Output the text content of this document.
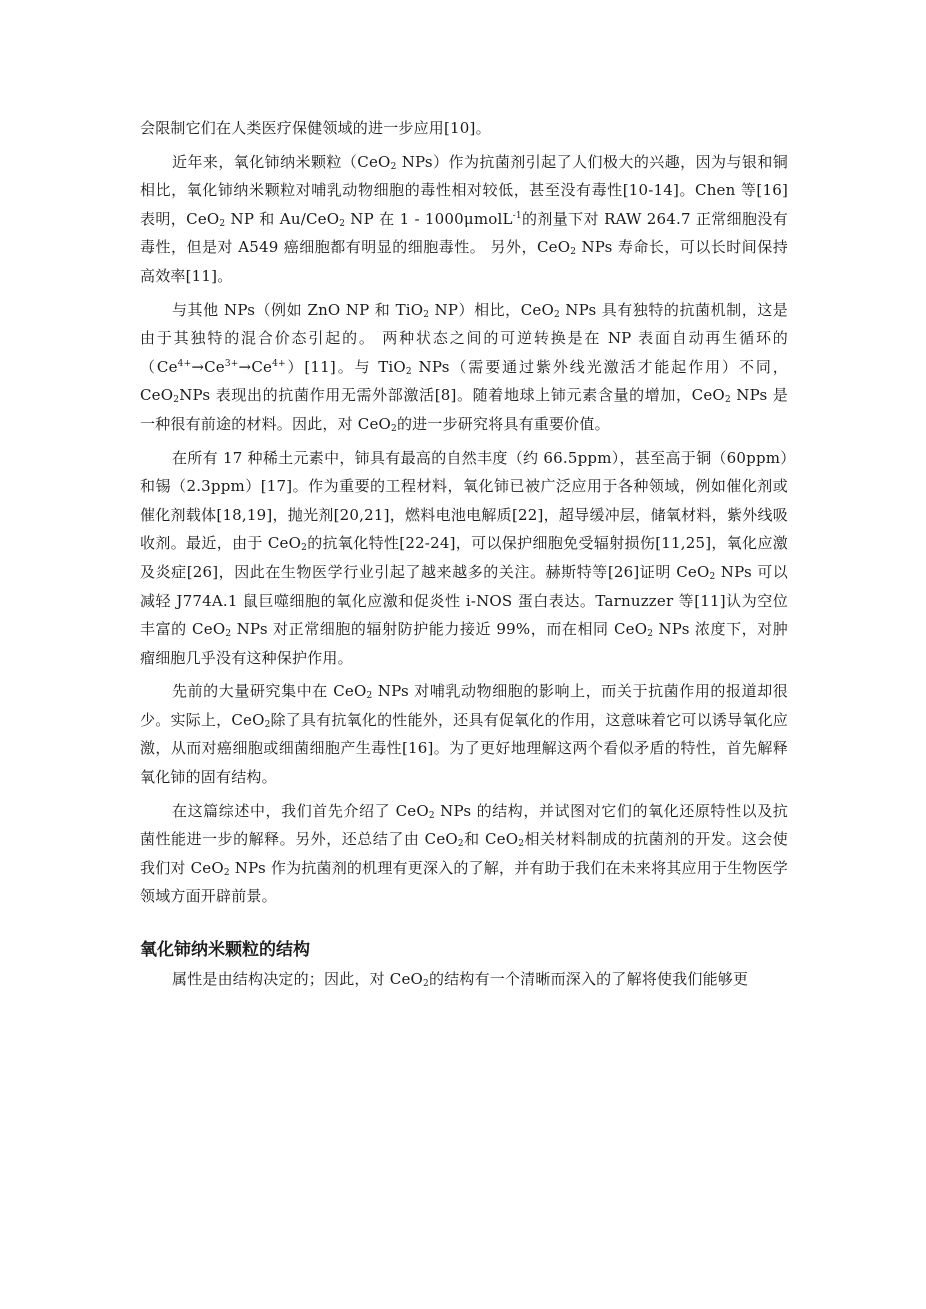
会限制它们在人类医疗保健领域的进一步应用[10]。

近年来，氧化铈纳米颗粒（CeO$_2$ NPs）作为抗菌剂引起了人们极大的兴趣，因为与银和铜相比，氧化铈纳米颗粒对哺乳动物细胞的毒性相对较低，甚至没有毒性[10-14]。Chen 等[16]表明，CeO$_2$ NP 和 Au/CeO$_2$ NP 在 1 - 1000μmolL$^{-1}$的剂量下对 RAW 264.7 正常细胞没有毒性，但是对 A549 癌细胞都有明显的细胞毒性。 另外，CeO$_2$ NPs 寿命长，可以长时间保持高效率[11]。

与其他 NPs（例如 ZnO NP 和 TiO$_2$ NP）相比，CeO$_2$ NPs 具有独特的抗菌机制，这是由于其独特的混合价态引起的。 两种状态之间的可逆转换是在 NP 表面自动再生循环的$(Ce^{4+}\to Ce^{3+}\to Ce^{4+})[11]$。与 TiO$_2$ NPs（需要通过紫外线光激活才能起作用）不同，CeO$_2$NPs 表现出的抗菌作用无需外部激活[8]。随着地球上铈元素含量的增加，CeO$_2$ NPs 是一种很有前途的材料。因此，对 CeO$_2$的进一步研究将具有重要价值。

在所有 17 种稀土元素中，铈具有最高的自然丰度（约 66.5ppm），甚至高于铜（60ppm）和锡（2.3ppm）[17]。作为重要的工程材料，氧化铈已被广泛应用于各种领域，例如催化剂或催化剂载体[18,19]，抛光剂[20,21]，燃料电池电解质[22]，超导缓冲层，储氧材料，紫外线吸收剂。最近，由于 CeO$_2$的抗氧化特性[22-24]，可以保护细胞免受辐射损伤[11,25]，氧化应激及炎症[26]，因此在生物医学行业引起了越来越多的关注。赫斯特等[26]证明 CeO$_2$ NPs 可以减轻 J774A.1 鼠巨噬细胞的氧化应激和促炎性 i-NOS 蛋白表达。Tarnuzzer 等[11]认为空位丰富的 CeO$_2$ NPs 对正常细胞的辐射防护能力接近 99%，而在相同 CeO$_2$ NPs 浓度下，对肿瘤细胞几乎没有这种保护作用。

先前的大量研究集中在 CeO$_2$ NPs 对哺乳动物细胞的影响上，而关于抗菌作用的报道却很少。实际上，CeO$_2$除了具有抗氧化的性能外，还具有促氧化的作用，这意味着它可以诱导氧化应激，从而对癌细胞或细菌细胞产生毒性[16]。为了更好地理解这两个看似矛盾的特性，首先解释氧化铈的固有结构。

在这篇综述中，我们首先介绍了 CeO$_2$ NPs 的结构，并试图对它们的氧化还原特性以及抗菌性能进一步的解释。另外，还总结了由 CeO$_2$和 CeO$_2$相关材料制成的抗菌剂的开发。这会使我们对 CeO$_2$ NPs 作为抗菌剂的机理有更深入的了解，并有助于我们在未来将其应用于生物医学领域方面开辟前景。

氧化铈纳米颗粒的结构

属性是由结构决定的；因此，对 CeO$_2$的结构有一个清晰而深入的了解将使我们能够更
